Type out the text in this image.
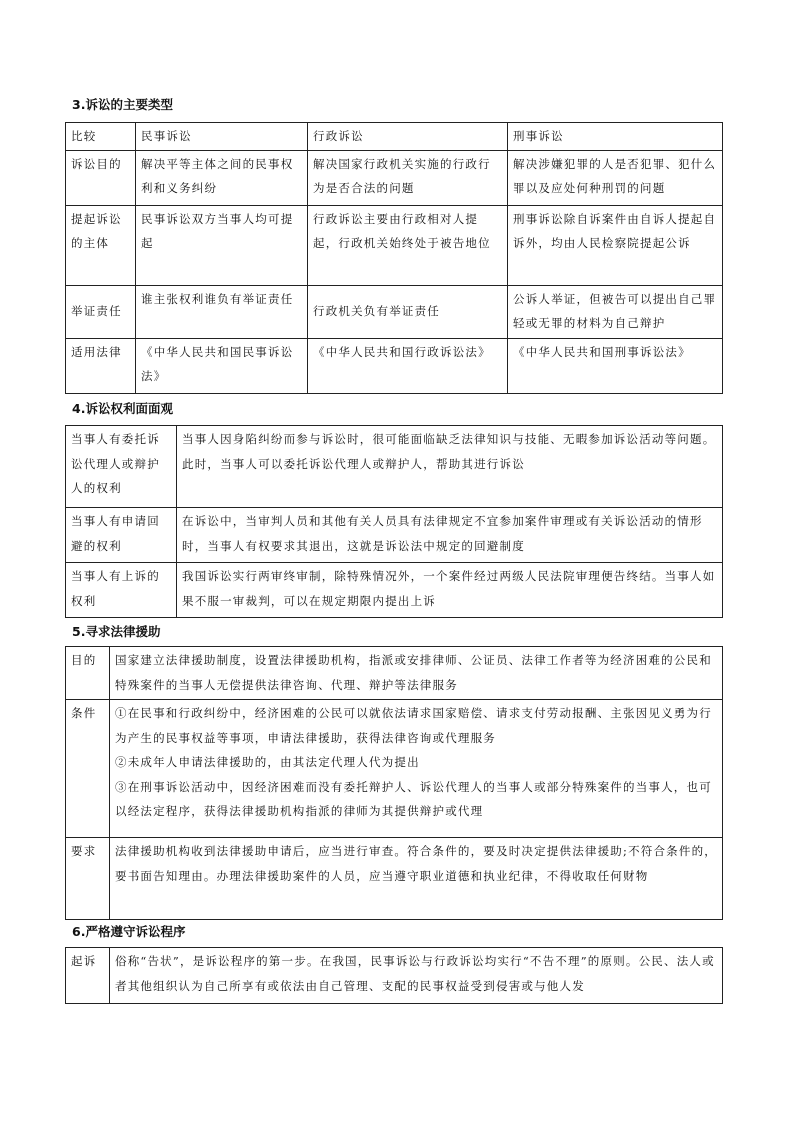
3.诉讼的主要类型
比较	民事诉讼	行政诉讼	刑事诉讼
诉讼目的	解决平等主体之间的民事权利和义务纠纷	解决国家行政机关实施的行政行为是否合法的问题	解决涉嫌犯罪的人是否犯罪、犯什么罪以及应处何种刑罚的问题
提起诉讼的主体	民事诉讼双方当事人均可提起	行政诉讼主要由行政相对人提起，行政机关始终处于被告地位	刑事诉讼除自诉案件由自诉人提起自诉外，均由人民检察院提起公诉
举证责任	谁主张权利谁负有举证责任	行政机关负有举证责任	公诉人举证，但被告可以提出自己罪轻或无罪的材料为自己辩护
适用法律	《中华人民共和国民事诉讼法》	《中华人民共和国行政诉讼法》	《中华人民共和国刑事诉讼法》
4.诉讼权利面面观
当事人有委托诉讼代理人或辩护人的权利	当事人因身陷纠纷而参与诉讼时，很可能面临缺乏法律知识与技能、无暇参加诉讼活动等问题。此时，当事人可以委托诉讼代理人或辩护人，帮助其进行诉讼
当事人有申请回避的权利	在诉讼中，当审判人员和其他有关人员具有法律规定不宜参加案件审理或有关诉讼活动的情形时，当事人有权要求其退出，这就是诉讼法中规定的回避制度
当事人有上诉的权利	我国诉讼实行两审终审制，除特殊情况外，一个案件经过两级人民法院审理便告终结。当事人如果不服一审裁判，可以在规定期限内提出上诉
5.寻求法律援助
目的	国家建立法律援助制度，设置法律援助机构，指派或安排律师、公证员、法律工作者等为经济困难的公民和特殊案件的当事人无偿提供法律咨询、代理、辩护等法律服务
条件	①在民事和行政纠纷中，经济困难的公民可以就依法请求国家赔偿、请求支付劳动报酬、主张因见义勇为行为产生的民事权益等事项，申请法律援助，获得法律咨询或代理服务
②未成年人申请法律援助的，由其法定代理人代为提出
③在刑事诉讼活动中，因经济困难而没有委托辩护人、诉讼代理人的当事人或部分特殊案件的当事人，也可以经法定程序，获得法律援助机构指派的律师为其提供辩护或代理

要求	法律援助机构收到法律援助申请后，应当进行审查。符合条件的，要及时决定提供法律援助;不符合条件的，要书面告知理由。办理法律援助案件的人员，应当遵守职业道德和执业纪律，不得收取任何财物
6.严格遵守诉讼程序
起诉	俗称“告状”，是诉讼程序的第一步。在我国，民事诉讼与行政诉讼均实行“不告不理”的原则。公民、法人或者其他组织认为自己所享有或依法由自己管理、支配的民事权益受到侵害或与他人发
